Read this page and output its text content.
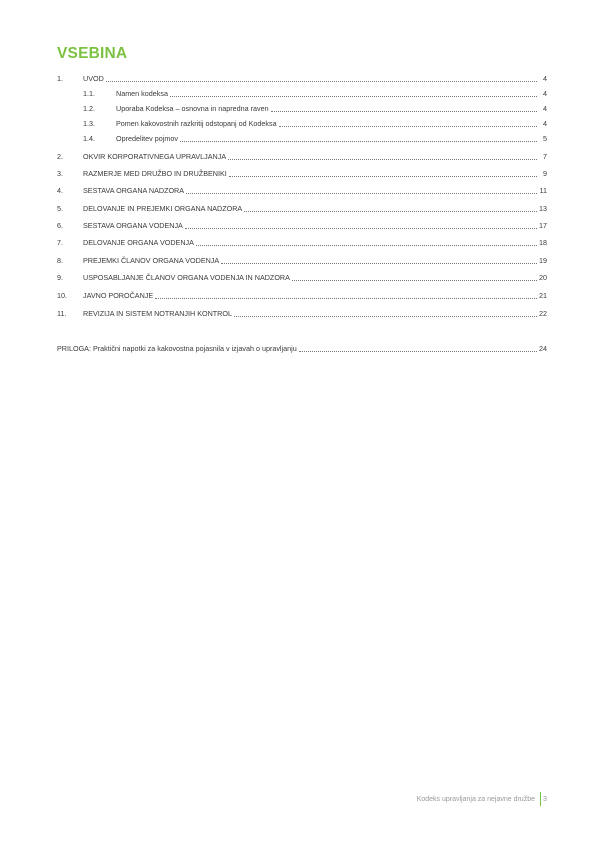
VSEBINA
1.	UVOD	4
1.1.	Namen kodeksa	4
1.2.	Uporaba Kodeksa – osnovna in napredna raven	4
1.3.	Pomen kakovostnih razkritij odstopanj od Kodeksa	4
1.4.	Opredelitev pojmov	5
2.	OKVIR KORPORATIVNEGA UPRAVLJANJA	7
3.	RAZMERJE MED DRUŽBO IN DRUŽBENIKI	9
4.	SESTAVA ORGANA NADZORA	11
5.	DELOVANJE IN PREJEMKI ORGANA NADZORA	13
6.	SESTAVA ORGANA VODENJA	17
7.	DELOVANJE ORGANA VODENJA	18
8.	PREJEMKI ČLANOV ORGANA VODENJA	19
9.	USPOSABLJANJE ČLANOV ORGANA VODENJA IN NADZORA	20
10.	JAVNO POROČANJE	21
11.	REVIZIJA IN SISTEM NOTRANJIH KONTROL	22
PRILOGA: Praktični napotki za kakovostna pojasnila v izjavah o upravljanju	24
Kodeks upravljanja za nejavne družbe 3
